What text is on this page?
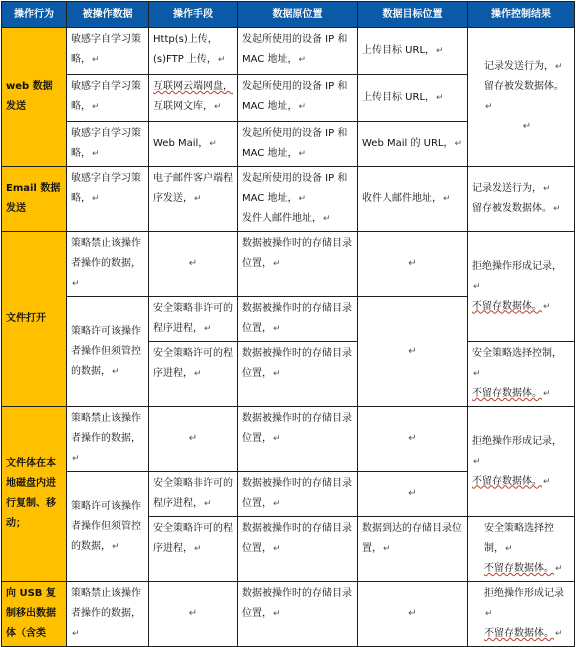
操作行为	被操作数据	操作手段	数据原位置	数据目标位置	操作控制结果
web 数据发送	敏感字自学习策略，↵	Http(s)上传，
(s)FTP 上传，↵	发起所使用的设备 IP 和 MAC 地址，↵	上传目标 URL，↵	记录发送行为，↵
留存被发数据体。↵
↵

	敏感字自学习策略，↵	互联网云端网盘，
互联网文库，↵	发起所使用的设备 IP 和 MAC 地址，↵	上传目标 URL，↵	
	敏感字自学习策略，↵	Web Mail，↵	发起所使用的设备 IP 和 MAC 地址，↵	Web Mail 的 URL，↵	
Email 数据发送	敏感字自学习策略，↵	电子邮件客户端程序发送，↵	发起所使用的设备 IP 和 MAC 地址，↵
发件人邮件地址，↵	收件人邮件地址，↵	记录发送行为，↵
留存被发数据体。↵
文件打开	策略禁止该操作者操作的数据，↵	↵	数据被操作时的存储目录位置，↵	↵	拒绝操作形成记录，↵
不留存数据体。↵
	策略许可该操作者操作但须管控的数据，↵	安全策略非许可的程序进程，↵	数据被操作时的存储目录位置，↵	↵	

		安全策略许可的程序进程，↵	数据被操作时的存储目录位置，↵		安全策略选择控制，↵
不留存数据体。↵
文件体在本地磁盘内进行复制、移动；	策略禁止该操作者操作的数据，↵	↵	数据被操作时的存储目录位置，↵	↵	拒绝操作形成记录，↵
不留存数据体。↵
	策略许可该操作者操作但须管控的数据，↵	安全策略非许可的程序进程，↵	数据被操作时的存储目录位置，↵	↵	

		安全策略许可的程序进程，↵	数据被操作时的存储目录位置，↵	数据到达的存储目录位置，↵	安全策略选择控制，↵
不留存数据体。↵
向 USB 复制移出数据体（含类	策略禁止该操作者操作的数据，↵	↵	数据被操作时的存储目录位置，↵	↵	拒绝操作形成记录↵
不留存数据体。↵
